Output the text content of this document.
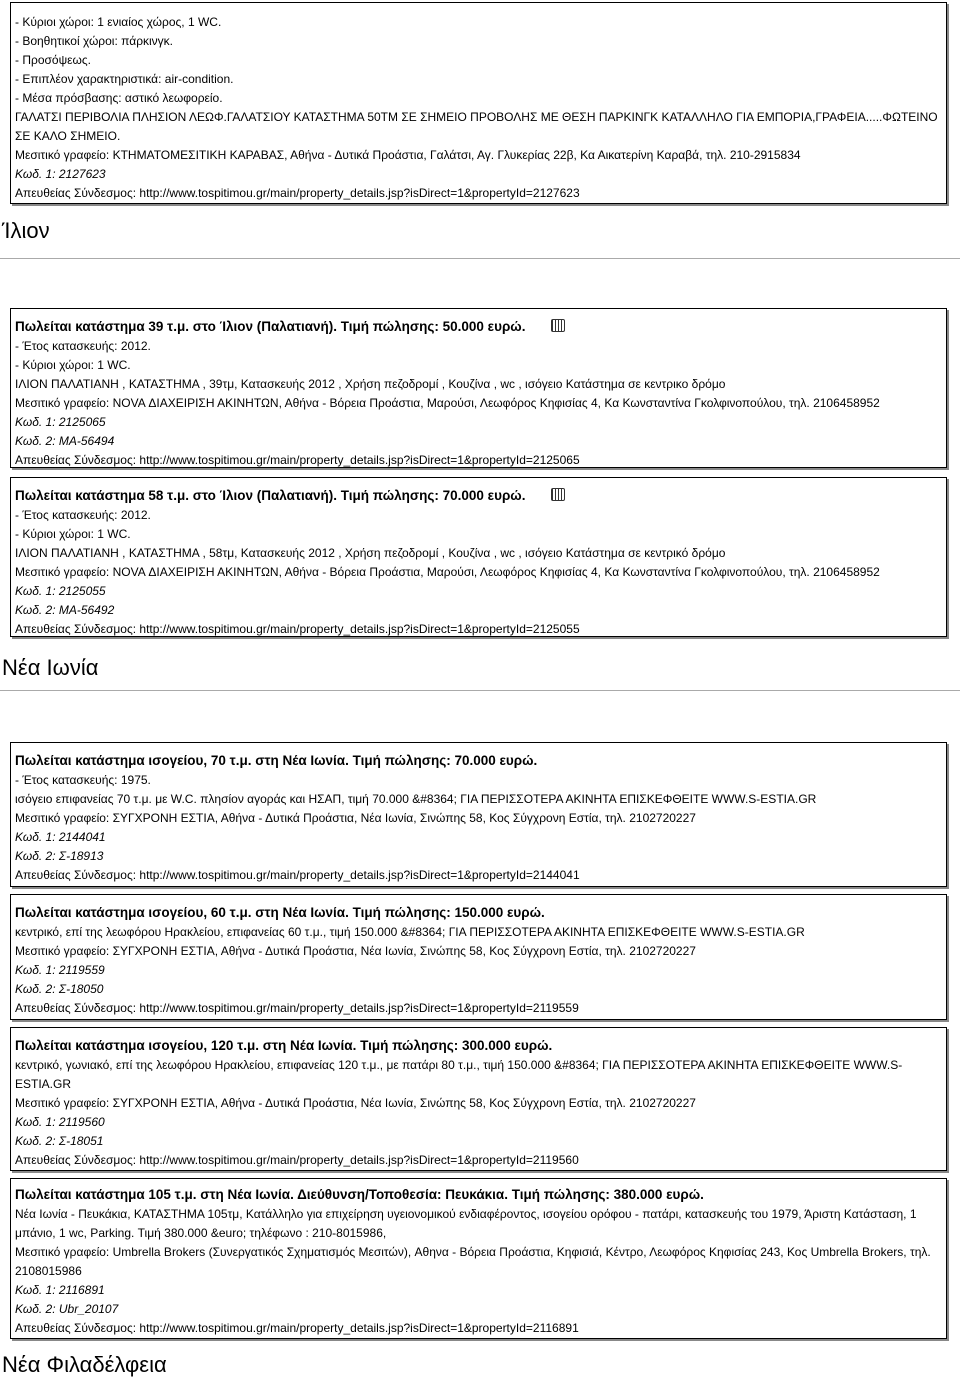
- Κύριοι χώροι: 1 ενιαίος χώρος, 1 WC.
- Βοηθητικοί χώροι: πάρκινγκ.
- Προσόψεως.
- Επιπλέον χαρακτηριστικά: air-condition.
- Μέσα πρόσβασης: αστικό λεωφορείο.
ΓΑΛΑΤΣΙ ΠΕΡΙΒΟΛΙΑ ΠΛΗΣΙΟΝ ΛΕΩΦ.ΓΑΛΑΤΣΙΟΥ ΚΑΤΑΣΤΗΜΑ 50ΤΜ ΣΕ ΣΗΜΕΙΟ ΠΡΟΒΟΛΗΣ ΜΕ ΘΕΣΗ ΠΑΡΚΙΝΓΚ ΚΑΤΑΛΛΗΛΟ ΓΙΑ ΕΜΠΟΡΙΑ,ΓΡΑΦΕΙΑ.....ΦΩΤΕΙΝΟ ΣΕ ΚΑΛΟ ΣΗΜΕΙΟ.
Μεσιτικό γραφείο: ΚΤΗΜΑΤΟΜΕΣΙΤΙΚΗ ΚΑΡΑΒΑΣ, Αθήνα - Δυτικά Προάστια, Γαλάτσι, Αγ. Γλυκερίας 22β, Κα Αικατερίνη Καραβά, τηλ. 210-2915834
Κωδ. 1: 2127623
Απευθείας Σύνδεσμος: http://www.tospitimou.gr/main/property_details.jsp?isDirect=1&propertyId=2127623
Ίλιον
Πωλείται κατάστημα 39 τ.μ. στο Ίλιον (Παλατιανή). Τιμή πώλησης: 50.000 ευρώ.
- Έτος κατασκευής: 2012.
- Κύριοι χώροι: 1 WC.
ΙΛΙΟΝ ΠΑΛΑΤΙΑΝΗ , ΚΑΤΑΣΤΗΜΑ , 39τμ, Κατασκευής 2012 , Χρήση πεζοδρομί , Κουζίνα , wc , ισόγειο Κατάστημα σε κεντρικο δρόμο
Μεσιτικό γραφείο: NOVA ΔΙΑΧΕΙΡΙΣΗ ΑΚΙΝΗΤΩΝ, Αθήνα - Βόρεια Προάστια, Μαρούσι, Λεωφόρος Κηφισίας 4, Κα Κωνσταντίνα Γκολφινοπούλου, τηλ. 2106458952
Κωδ. 1: 2125065
Κωδ. 2: ΜΑ-56494
Απευθείας Σύνδεσμος: http://www.tospitimou.gr/main/property_details.jsp?isDirect=1&propertyId=2125065
Πωλείται κατάστημα 58 τ.μ. στο Ίλιον (Παλατιανή). Τιμή πώλησης: 70.000 ευρώ.
- Έτος κατασκευής: 2012.
- Κύριοι χώροι: 1 WC.
ΙΛΙΟΝ ΠΑΛΑΤΙΑΝΗ , ΚΑΤΑΣΤΗΜΑ , 58τμ, Κατασκευής 2012 , Χρήση πεζοδρομί , Κουζίνα , wc , ισόγειο Κατάστημα σε κεντρικό δρόμο
Μεσιτικό γραφείο: NOVA ΔΙΑΧΕΙΡΙΣΗ ΑΚΙΝΗΤΩΝ, Αθήνα - Βόρεια Προάστια, Μαρούσι, Λεωφόρος Κηφισίας 4, Κα Κωνσταντίνα Γκολφινοπούλου, τηλ. 2106458952
Κωδ. 1: 2125055
Κωδ. 2: ΜΑ-56492
Απευθείας Σύνδεσμος: http://www.tospitimou.gr/main/property_details.jsp?isDirect=1&propertyId=2125055
Νέα Ιωνία
Πωλείται κατάστημα ισογείου, 70 τ.μ. στη Νέα Ιωνία. Τιμή πώλησης: 70.000 ευρώ.
- Έτος κατασκευής: 1975.
ισόγειο επιφανείας 70 τ.μ. με W.C. πλησίον αγοράς και ΗΣΑΠ, τιμή 70.000 &#8364; ΓΙΑ ΠΕΡΙΣΣΟΤΕΡΑ ΑΚΙΝΗΤΑ ΕΠΙΣΚΕΦΘΕΙΤΕ WWW.S-ESTIA.GR
Μεσιτικό γραφείο: ΣΥΓΧΡΟΝΗ ΕΣΤΙΑ, Αθήνα - Δυτικά Προάστια, Νέα Ιωνία, Σινώπης 58, Κος Σύγχρονη Εστία, τηλ. 2102720227
Κωδ. 1: 2144041
Κωδ. 2: Σ-18913
Απευθείας Σύνδεσμος: http://www.tospitimou.gr/main/property_details.jsp?isDirect=1&propertyId=2144041
Πωλείται κατάστημα ισογείου, 60 τ.μ. στη Νέα Ιωνία. Τιμή πώλησης: 150.000 ευρώ.
κεντρικό, επί της λεωφόρου Ηρακλείου, επιφανείας 60 τ.μ., τιμή 150.000 &#8364; ΓΙΑ ΠΕΡΙΣΣΟΤΕΡΑ ΑΚΙΝΗΤΑ ΕΠΙΣΚΕΦΘΕΙΤΕ WWW.S-ESTIA.GR
Μεσιτικό γραφείο: ΣΥΓΧΡΟΝΗ ΕΣΤΙΑ, Αθήνα - Δυτικά Προάστια, Νέα Ιωνία, Σινώπης 58, Κος Σύγχρονη Εστία, τηλ. 2102720227
Κωδ. 1: 2119559
Κωδ. 2: Σ-18050
Απευθείας Σύνδεσμος: http://www.tospitimou.gr/main/property_details.jsp?isDirect=1&propertyId=2119559
Πωλείται κατάστημα ισογείου, 120 τ.μ. στη Νέα Ιωνία. Τιμή πώλησης: 300.000 ευρώ.
κεντρικό, γωνιακό, επί της λεωφόρου Ηρακλείου, επιφανείας 120 τ.μ., με πατάρι 80 τ.μ., τιμή 150.000 &#8364; ΓΙΑ ΠΕΡΙΣΣΟΤΕΡΑ ΑΚΙΝΗΤΑ ΕΠΙΣΚΕΦΘΕΙΤΕ WWW.S-ESTIA.GR
Μεσιτικό γραφείο: ΣΥΓΧΡΟΝΗ ΕΣΤΙΑ, Αθήνα - Δυτικά Προάστια, Νέα Ιωνία, Σινώπης 58, Κος Σύγχρονη Εστία, τηλ. 2102720227
Κωδ. 1: 2119560
Κωδ. 2: Σ-18051
Απευθείας Σύνδεσμος: http://www.tospitimou.gr/main/property_details.jsp?isDirect=1&propertyId=2119560
Πωλείται κατάστημα 105 τ.μ. στη Νέα Ιωνία. Διεύθυνση/Τοποθεσία: Πευκάκια. Τιμή πώλησης: 380.000 ευρώ.
Νέα Ιωνία - Πευκάκια, ΚΑΤΑΣΤΗΜΑ 105τμ, Κατάλληλο για επιχείρηση υγειονομικού ενδιαφέροντος, ισογείου ορόφου - πατάρι, κατασκευής του 1979, Άριστη Κατάσταση, 1 μπάνιο, 1 wc, Parking. Τιμή 380.000 &euro; τηλέφωνο : 210-8015986,
Μεσιτικό γραφείο: Umbrella Brokers (Συνεργατικός Σχηματισμός Μεσιτών), Αθηνα - Βόρεια Προάστια, Κηφισιά, Κέντρο, Λεωφόρος Κηφισίας 243, Κος Umbrella Brokers, τηλ. 2108015986
Κωδ. 1: 2116891
Κωδ. 2: Ubr_20107
Απευθείας Σύνδεσμος: http://www.tospitimou.gr/main/property_details.jsp?isDirect=1&propertyId=2116891
Νέα Φιλαδέλφεια
